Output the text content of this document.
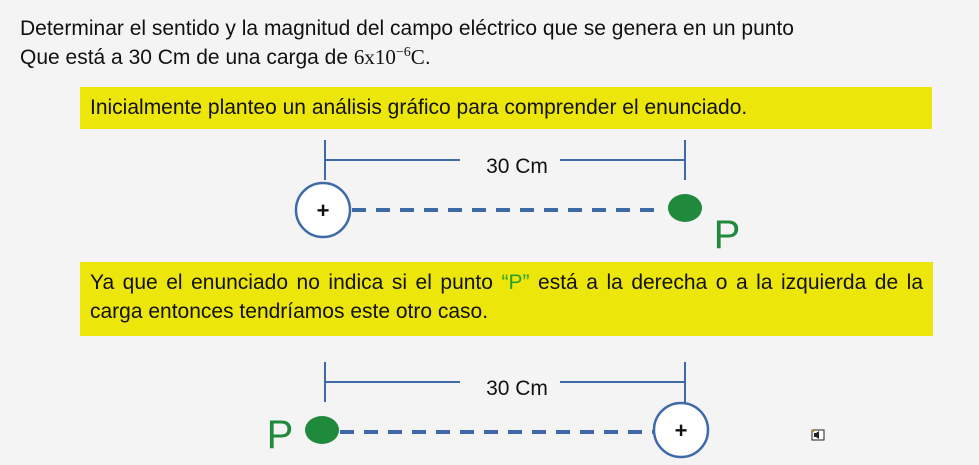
Determinar el sentido y la magnitud del campo eléctrico que se genera en un punto
Que está a 30 Cm de una carga de $6x10^{-6}C$.
Inicialmente planteo un análisis gráfico para comprender el enunciado.
Ya que el enunciado no indica si el punto “P” está a la derecha o a la izquierda de la carga entonces tendríamos este otro caso.
30 Cm
+
P
30 Cm
P	+
